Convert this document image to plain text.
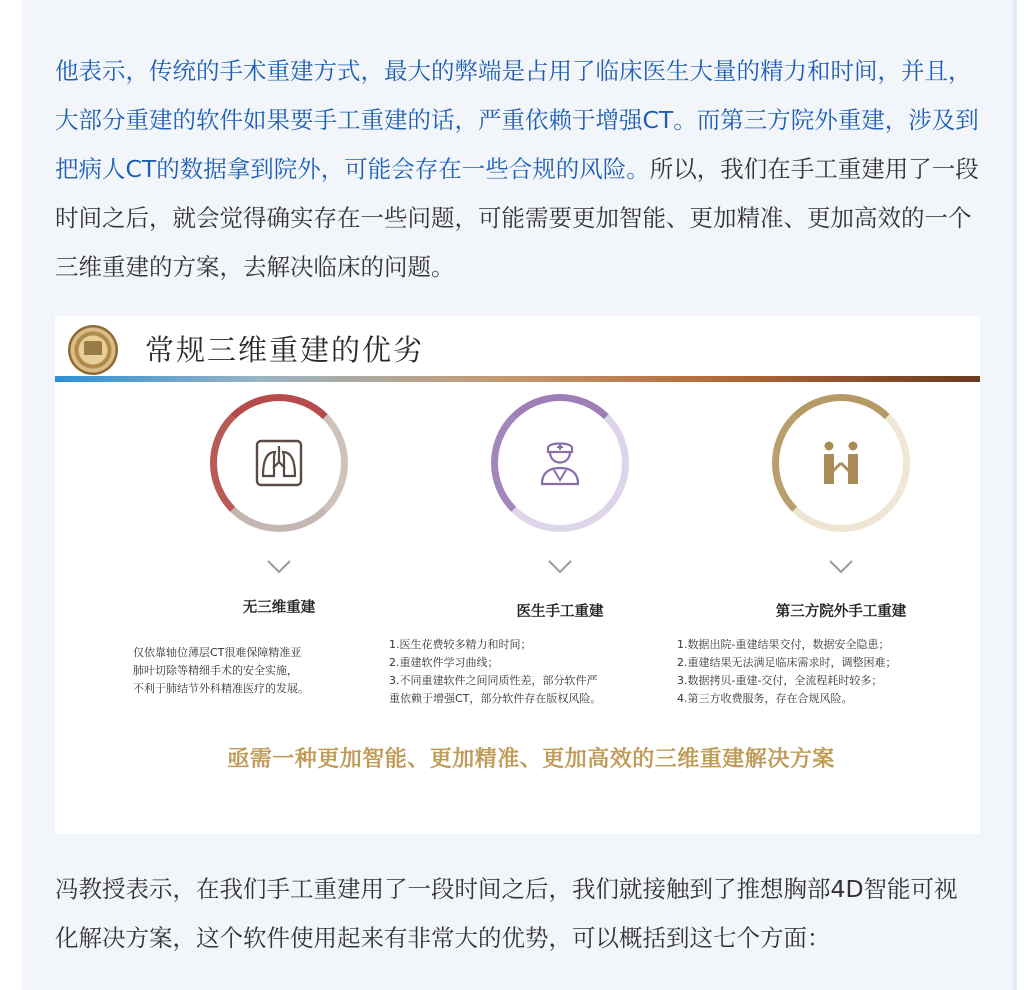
他表示，传统的手术重建方式，最大的弊端是占用了临床医生大量的精力和时间，并且，大部分重建的软件如果要手工重建的话，严重依赖于增强CT。而第三方院外重建，涉及到把病人CT的数据拿到院外，可能会存在一些合规的风险。所以，我们在手工重建用了一段时间之后，就会觉得确实存在一些问题，可能需要更加智能、更加精准、更加高效的一个三维重建的方案，去解决临床的问题。

常规三维重建的优劣
无三维重建
仅依靠轴位薄层CT很难保障精准亚
肺叶切除等精细手术的安全实施，
不利于肺结节外科精准医疗的发展。
医生手工重建
1.医生花费较多精力和时间；
2.重建软件学习曲线；
3.不同重建软件之间同质性差，部分软件严
重依赖于增强CT，部分软件存在版权风险。
第三方院外手工重建
1.数据出院-重建结果交付，数据安全隐患；
2.重建结果无法满足临床需求时，调整困难；
3.数据拷贝-重建-交付，全流程耗时较多；
4.第三方收费服务，存在合规风险。
亟需一种更加智能、更加精准、更加高效的三维重建解决方案

冯教授表示，在我们手工重建用了一段时间之后，我们就接触到了推想胸部4D智能可视化解决方案，这个软件使用起来有非常大的优势，可以概括到这七个方面：
